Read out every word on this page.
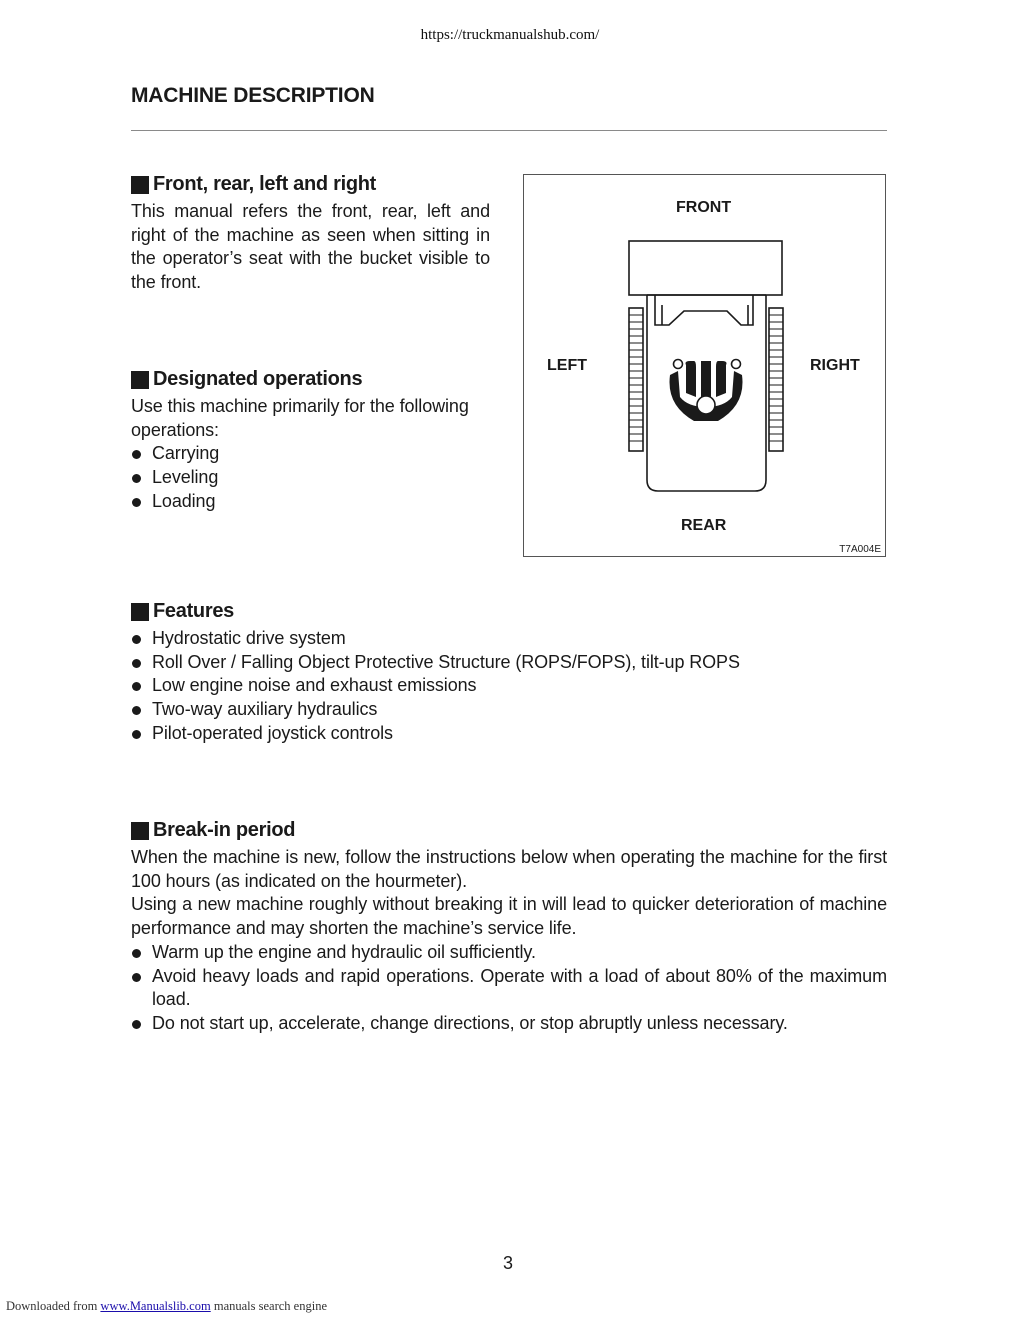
https://truckmanualshub.com/
MACHINE DESCRIPTION
Front, rear, left and right

This manual refers the front, rear, left and right of the machine as seen when sitting in the operator’s seat with the bucket visible to the front.

Designated operations

Use this machine primarily for the following operations:

Carrying
Leveling
Loading
FRONT
LEFT	RIGHT
REAR
T7A004E
Features
Hydrostatic drive system
Roll Over / Falling Object Protective Structure (ROPS/FOPS), tilt-up ROPS
Low engine noise and exhaust emissions
Two-way auxiliary hydraulics
Pilot-operated joystick controls
Break-in period

When the machine is new, follow the instructions below when operating the machine for the first 100 hours (as indicated on the hourmeter).

Using a new machine roughly without breaking it in will lead to quicker deterioration of machine performance and may shorten the machine’s service life.

Warm up the engine and hydraulic oil sufficiently.
Avoid heavy loads and rapid operations. Operate with a load of about 80% of the maximum load.
Do not start up, accelerate, change directions, or stop abruptly unless necessary.
3
Downloaded from www.Manualslib.com manuals search engine
